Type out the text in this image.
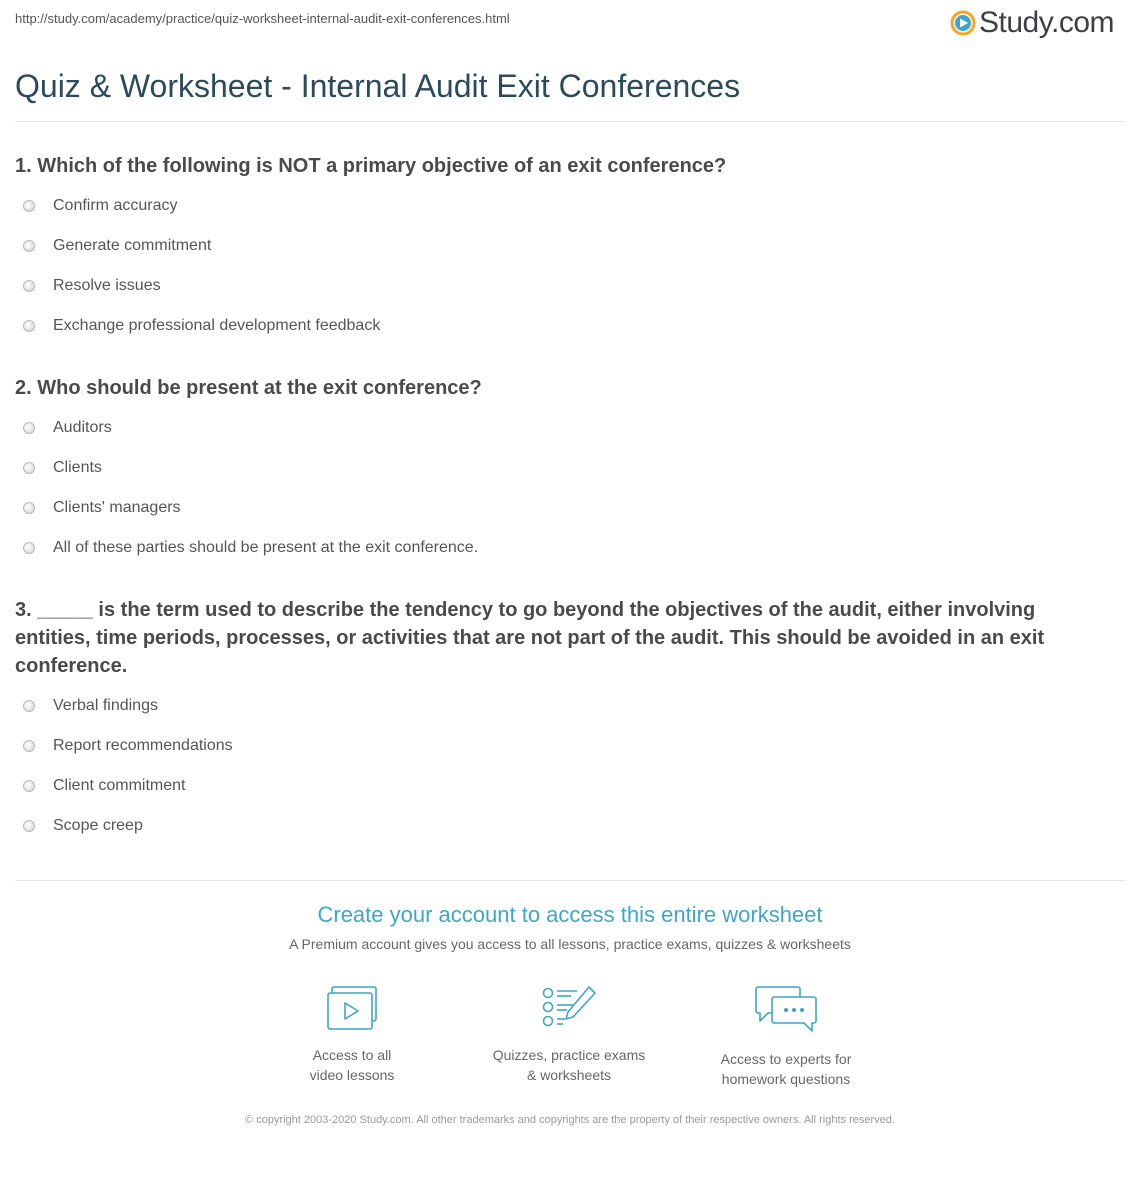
http://study.com/academy/practice/quiz-worksheet-internal-audit-exit-conferences.html	Study.com
Quiz & Worksheet - Internal Audit Exit Conferences

1. Which of the following is NOT a primary objective of an exit conference?

Confirm accuracy
Generate commitment
Resolve issues
Exchange professional development feedback

2. Who should be present at the exit conference?

Auditors
Clients
Clients' managers
All of these parties should be present at the exit conference.

3. _____ is the term used to describe the tendency to go beyond the objectives of the audit, either involving entities, time periods, processes, or activities that are not part of the audit. This should be avoided in an exit conference.

Verbal findings
Report recommendations
Client commitment
Scope creep

Create your account to access this entire worksheet

A Premium account gives you access to all lessons, practice exams, quizzes & worksheets

Access to all
video lessons
Quizzes, practice exams
& worksheets
Access to experts for
homework questions
© copyright 2003-2020 Study.com. All other trademarks and copyrights are the property of their respective owners. All rights reserved.
